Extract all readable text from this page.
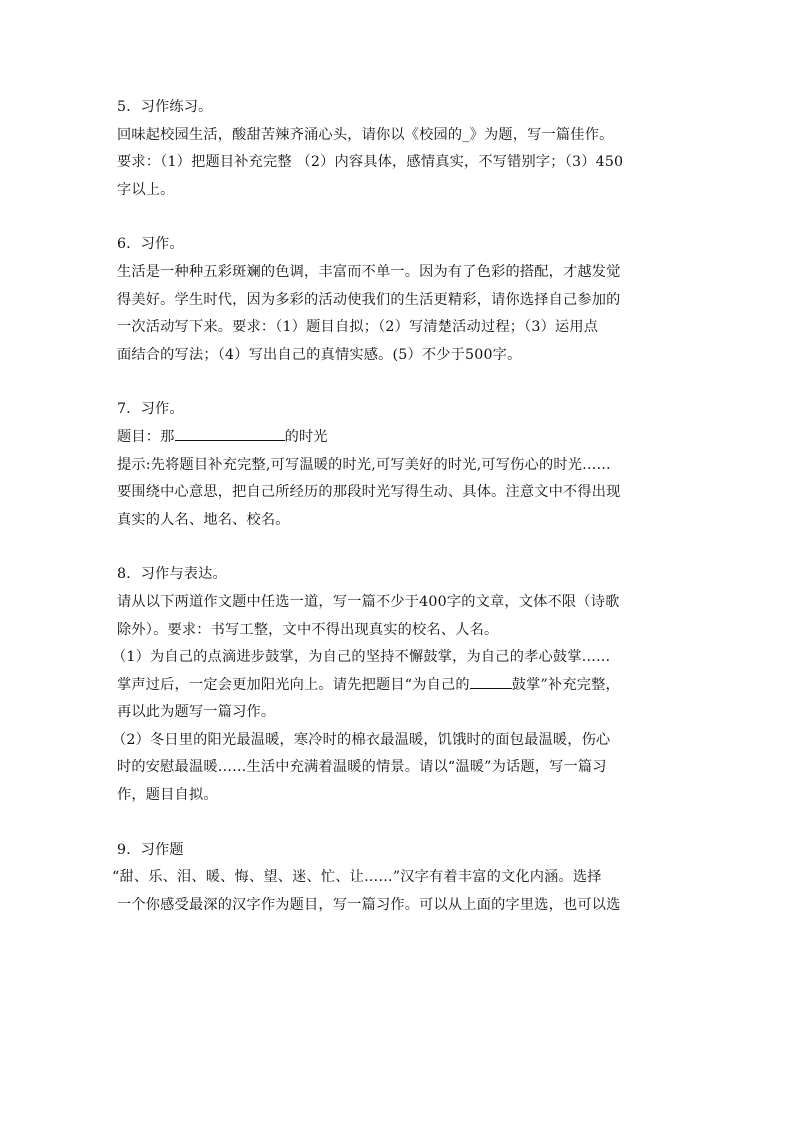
5．习作练习。
回味起校园生活，酸甜苦辣齐涌心头，请你以《校园的_》为题，写一篇佳作。
要求：（1）把题目补充完整 （2）内容具体，感情真实，不写错别字；（3）450
字以上。
6．习作。
生活是一种种五彩斑斓的色调，丰富而不单一。因为有了色彩的搭配，才越发觉
得美好。学生时代，因为多彩的活动使我们的生活更精彩，请你选择自己参加的
一次活动写下来。要求：（1）题目自拟；（2）写清楚活动过程；（3）运用点
面结合的写法；（4）写出自己的真情实感。(5）不少于500字。
7．习作。
题目：那	的时光
提示:先将题目补充完整,可写温暖的时光,可写美好的时光,可写伤心的时光……
要围绕中心意思，把自己所经历的那段时光写得生动、具体。注意文中不得出现
真实的人名、地名、校名。
8．习作与表达。
请从以下两道作文题中任选一道，写一篇不少于400字的文章，文体不限（诗歌
除外）。要求：书写工整，文中不得出现真实的校名、人名。
（1）为自己的点滴进步鼓掌，为自己的坚持不懈鼓掌，为自己的孝心鼓掌……
掌声过后，一定会更加阳光向上。请先把题目“为自己的	鼓掌”补充完整，
再以此为题写一篇习作。
（2）冬日里的阳光最温暖，寒冷时的棉衣最温暖，饥饿时的面包最温暖，伤心
时的安慰最温暖……生活中充满着温暖的情景。请以“温暖”为话题，写一篇习
作，题目自拟。
9．习作题
“甜、乐、泪、暖、悔、望、迷、忙、让……”汉字有着丰富的文化内涵。选择
一个你感受最深的汉字作为题目，写一篇习作。可以从上面的字里选，也可以选
